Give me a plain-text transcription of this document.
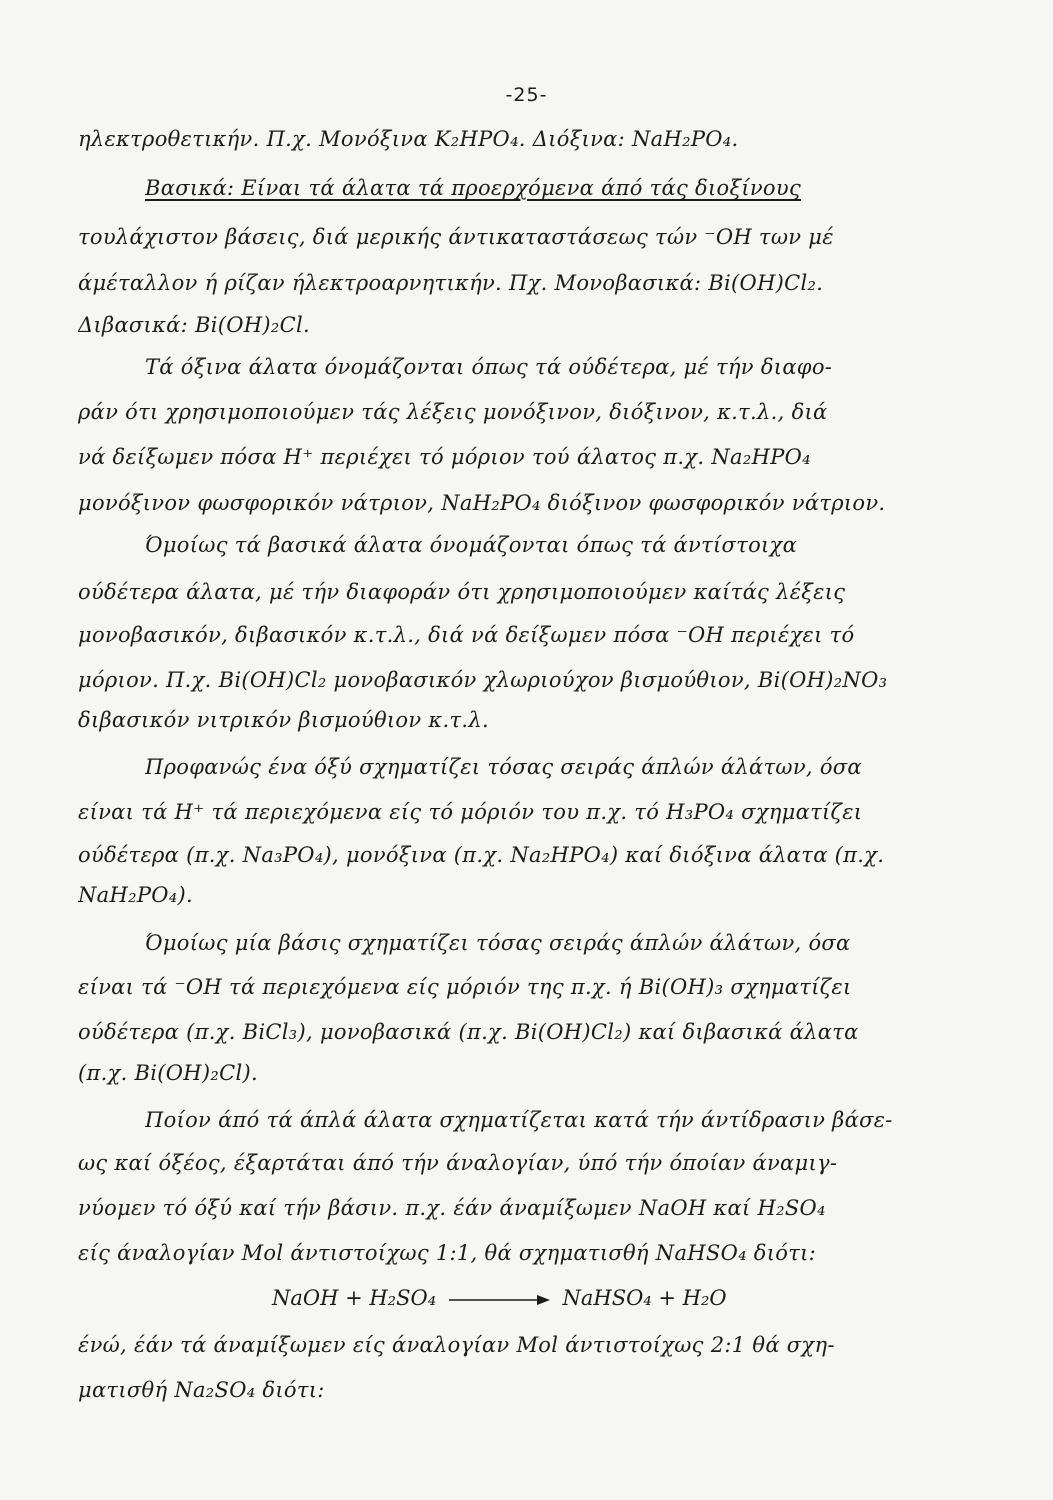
-25-
ηλεκτροθετικήν. Π.χ. Μονόξινα K₂HPO₄. Διόξινα: NaH₂PO₄.
Βασικά: Είναι τά άλατα τά προερχόμενα άπό τάς διοξίνους
τουλάχιστον βάσεις, διά μερικής άντικαταστάσεως τών ⁻OH των μέ
άμέταλλον ή ρίζαν ήλεκτροαρνητικήν. Πχ. Μονοβασικά: Bi(OH)Cl₂.
Διβασικά: Bi(OH)₂Cl.
Τά όξινα άλατα όνομάζονται όπως τά ούδέτερα, μέ τήν διαφο-
ράν ότι χρησιμοποιούμεν τάς λέξεις μονόξινον, διόξινον, κ.τ.λ., διά
νά δείξωμεν πόσα H⁺ περιέχει τό μόριον τού άλατος π.χ. Na₂HPO₄
μονόξινον φωσφορικόν νάτριον, NaH₂PO₄ διόξινον φωσφορικόν νάτριον.
Όμοίως τά βασικά άλατα όνομάζονται όπως τά άντίστοιχα
ούδέτερα άλατα, μέ τήν διαφοράν ότι χρησιμοποιούμεν καίτάς λέξεις
μονοβασικόν, διβασικόν κ.τ.λ., διά νά δείξωμεν πόσα ⁻OH περιέχει τό
μόριον. Π.χ. Bi(OH)Cl₂ μονοβασικόν χλωριούχον βισμούθιον, Bi(OH)₂NO₃
διβασικόν νιτρικόν βισμούθιον κ.τ.λ.
Προφανώς ένα όξύ σχηματίζει τόσας σειράς άπλών άλάτων, όσα
είναι τά H⁺ τά περιεχόμενα είς τό μόριόν του π.χ. τό H₃PO₄ σχηματίζει
ούδέτερα (π.χ. Na₃PO₄), μονόξινα (π.χ. Na₂HPO₄) καί διόξινα άλατα (π.χ.
NaH₂PO₄).
Όμοίως μία βάσις σχηματίζει τόσας σειράς άπλών άλάτων, όσα
είναι τά ⁻OH τά περιεχόμενα είς μόριόν της π.χ. ή Bi(OH)₃ σχηματίζει
ούδέτερα (π.χ. BiCl₃), μονοβασικά (π.χ. Bi(OH)Cl₂) καί διβασικά άλατα
(π.χ. Bi(OH)₂Cl).
Ποίον άπό τά άπλά άλατα σχηματίζεται κατά τήν άντίδρασιν βάσε-
ως καί όξέος, έξαρτάται άπό τήν άναλογίαν, ύπό τήν όποίαν άναμιγ-
νύομεν τό όξύ καί τήν βάσιν. π.χ. έάν άναμίξωμεν NaOH καί H₂SO₄
είς άναλογίαν Mol άντιστοίχως 1:1, θά σχηματισθή NaHSO₄ διότι:
NaOH + H₂SO₄	NaHSO₄ + H₂O
ένώ, έάν τά άναμίξωμεν είς άναλογίαν Mol άντιστοίχως 2:1 θά σχη-
ματισθή Na₂SO₄ διότι:
